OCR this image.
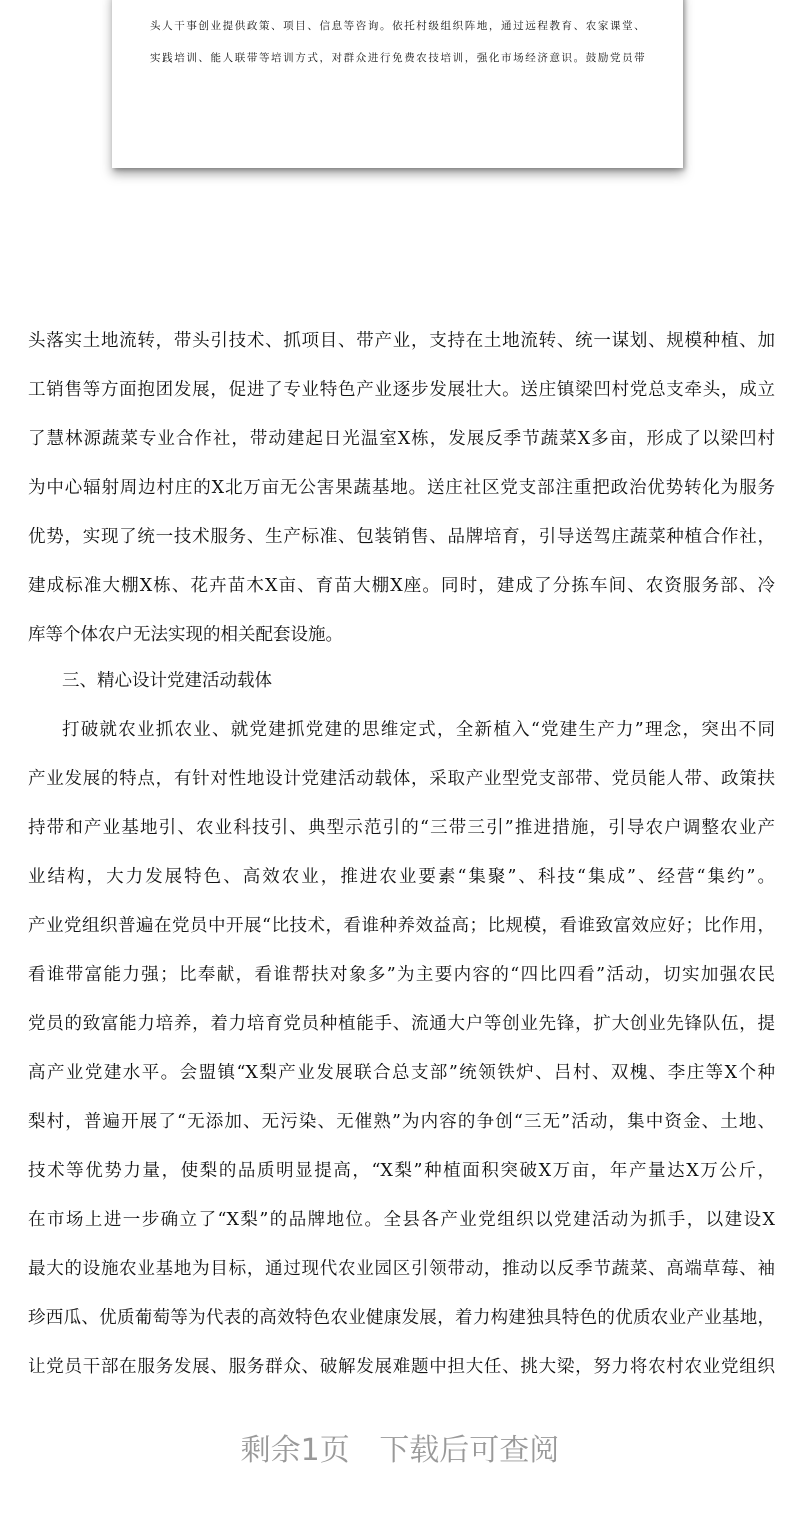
头人干事创业提供政策、项目、信息等咨询。依托村级组织阵地，通过远程教育、农家课堂、
实践培训、能人联带等培训方式，对群众进行免费农技培训，强化市场经济意识。鼓励党员带
头落实土地流转，带头引技术、抓项目、带产业，支持在土地流转、统一谋划、规模种植、加
工销售等方面抱团发展，促进了专业特色产业逐步发展壮大。送庄镇梁凹村党总支牵头，成立
了慧林源蔬菜专业合作社，带动建起日光温室X栋，发展反季节蔬菜X多亩，形成了以梁凹村
为中心辐射周边村庄的X北万亩无公害果蔬基地。送庄社区党支部注重把政治优势转化为服务
优势，实现了统一技术服务、生产标准、包装销售、品牌培育，引导送驾庄蔬菜种植合作社，
建成标准大棚X栋、花卉苗木X亩、育苗大棚X座。同时，建成了分拣车间、农资服务部、冷
库等个体农户无法实现的相关配套设施。
三、精心设计党建活动载体
打破就农业抓农业、就党建抓党建的思维定式，全新植入“党建生产力”理念，突出不同
产业发展的特点，有针对性地设计党建活动载体，采取产业型党支部带、党员能人带、政策扶
持带和产业基地引、农业科技引、典型示范引的“三带三引”推进措施，引导农户调整农业产
业结构，大力发展特色、高效农业，推进农业要素“集聚”、科技“集成”、经营“集约”。
产业党组织普遍在党员中开展“比技术，看谁种养效益高；比规模，看谁致富效应好；比作用，
看谁带富能力强；比奉献，看谁帮扶对象多”为主要内容的“四比四看”活动，切实加强农民
党员的致富能力培养，着力培育党员种植能手、流通大户等创业先锋，扩大创业先锋队伍，提
高产业党建水平。会盟镇“X梨产业发展联合总支部”统领铁炉、吕村、双槐、李庄等X个种
梨村，普遍开展了“无添加、无污染、无催熟”为内容的争创“三无”活动，集中资金、土地、
技术等优势力量，使梨的品质明显提高，“X梨”种植面积突破X万亩，年产量达X万公斤，
在市场上进一步确立了“X梨”的品牌地位。全县各产业党组织以党建活动为抓手，以建设X
最大的设施农业基地为目标，通过现代农业园区引领带动，推动以反季节蔬菜、高端草莓、袖
珍西瓜、优质葡萄等为代表的高效特色农业健康发展，着力构建独具特色的优质农业产业基地，
让党员干部在服务发展、服务群众、破解发展难题中担大任、挑大梁，努力将农村农业党组织
剩余1页 下载后可查阅
